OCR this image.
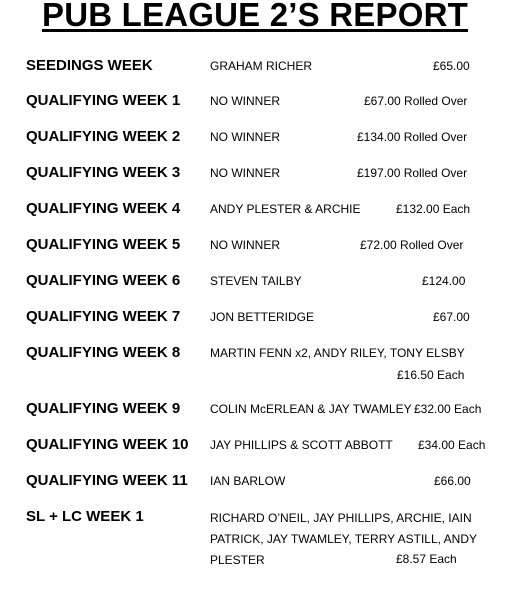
PUB LEAGUE 2’S REPORT
SEEDINGS WEEK	GRAHAM RICHER	£65.00
QUALIFYING WEEK 1 NO WINNER	£67.00 Rolled Over
QUALIFYING WEEK 2 NO WINNER	£134.00 Rolled Over
QUALIFYING WEEK 3 NO WINNER	£197.00 Rolled Over
QUALIFYING WEEK 4 ANDY PLESTER & ARCHIE	£132.00 Each
QUALIFYING WEEK 5 NO WINNER	£72.00 Rolled Over
QUALIFYING WEEK 6 STEVEN TAILBY	£124.00
QUALIFYING WEEK 7 JON BETTERIDGE	£67.00
QUALIFYING WEEK 8 MARTIN FENN x2, ANDY RILEY, TONY ELSBY
£16.50 Each
QUALIFYING WEEK 9 COLIN McERLEAN & JAY TWAMLEY £32.00 Each
QUALIFYING WEEK 10 JAY PHILLIPS & SCOTT ABBOTT £34.00 Each
QUALIFYING WEEK 11 IAN BARLOW	£66.00
SL + LC WEEK 1	RICHARD O’NEIL, JAY PHILLIPS, ARCHIE, IAIN PATRICK, JAY TWAMLEY, TERRY ASTILL, ANDY PLESTER	£8.57 Each
